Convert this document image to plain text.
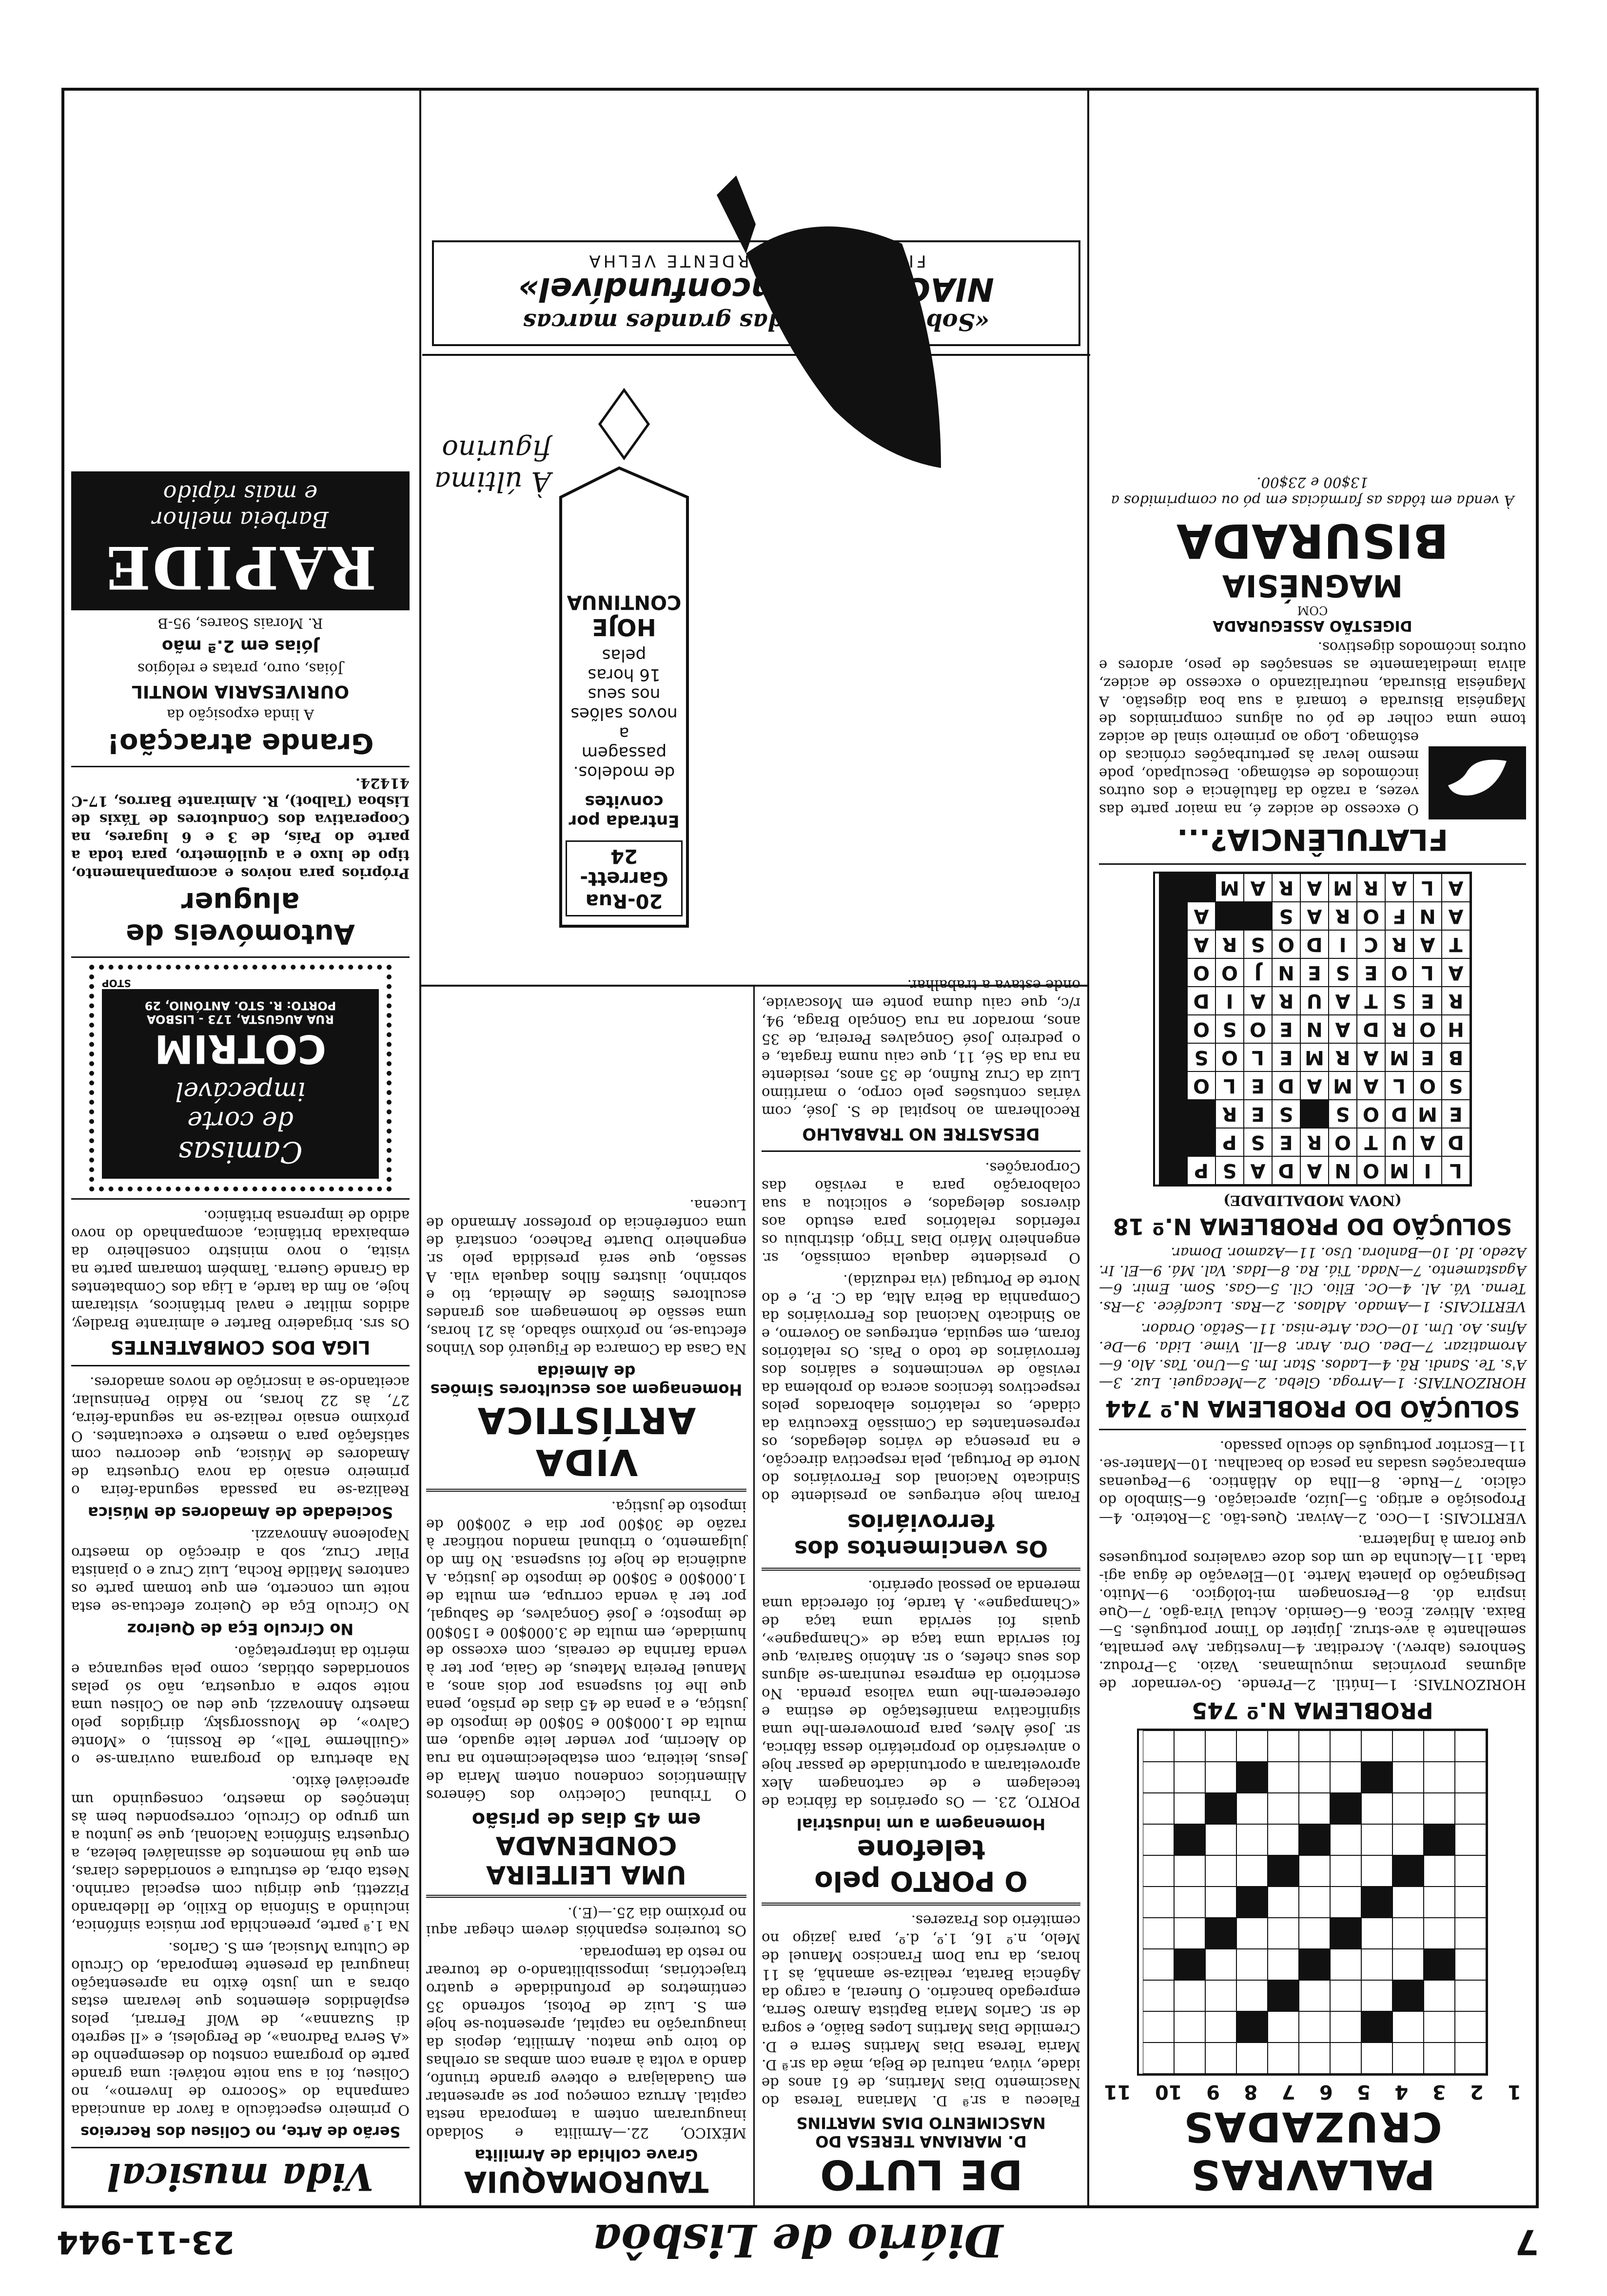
7
Diário de Lisbôa
23-11-944
PALAVRAS CRUZADAS
1
2
3
4
5
6
7
8
9
10
11
PROBLEMA N.º 745

HORIZONTAIS: 1—Inútil. 2—Prende. Go-vernador de algumas províncias muçulmanas. Vazio. 3—Produz. Senhores (abrev.). Acreditar. 4—Investigar. Ave pernalta, semelhante à ave-struz. Júpiter do Timor português. 5—Baixa. Altivez. Écoa. 6—Gemido. Actual Vira-gão. 7—Que inspira dó. 8—Personagem mi-tológico. 9—Muito. Designação do planeta Marte. 10—Elevação de água agi-tada. 11—Alcunha de um dos doze cavaleiros portugueses que foram à Inglaterra.

VERTICAIS: 1—Oco. 2—Avivar. Ques-tão. 3—Roteiro. 4—Proposição e artigo. 5—Juízo, apreciação. 6—Simbolo do cálcio. 7—Rude. 8—Ilha do Atlântico. 9—Pequenas embarcações usadas na pesca do bacalhau. 10—Manter-se. 11—Escritor português do século passado.

SOLUÇÃO DO PROBLEMA N.º 744

HORIZONTAIS: 1—Arroga. Gleba. 2—Mecaguei. Luz. 3—A's. Te. Sandi. Rã. 4—Lados. Star. Im. 5—Uno. Tas. Alo. 6—Aromatizar. 7—Dea. Ora. Arar. 8—Il. Vime. Lida. 9—De. Afins. Ao. Um. 10—Oca. Arte-nisa. 11—Setão. Orador.

VERTICAIS: 1—Amado. Adlaos. 2—Ras. Lucaféce. 3—Rs. Terna. Vá. Al. 4—Oc. Elio. Cil. 5—Gas. Som. Emir. 6—Agastamento. 7—Nada. Tiá. Ra. 8—Idas. Val. Má. 9—El. Ir. Azedo. Id. 10—Banlora. Uso. 11—Azamor. Domar.

SOLUÇÃO DO PROBLEMA N.º 18
(NOVA MODALIDADE)
L
I
M
O
N
A
D
A
S
P
D
A
U
T
O
R
E
S
P
E
M
D
O
S
S
E
R
S
O
L
A
M
A
D
E
L
O
B
E
M
A
R
M
E
L
O
S
H
O
R
D
A
N
E
O
S
O
R
E
S
T
A
U
R
A
I
D
A
L
O
E
S
E
N
J
O
O
T
A
R
C
I
D
O
S
R
A
A
N
F
O
R
A
S
A
A
L
A
R
M
A
R
A
M
FLATULÊNCIA?...

O excesso de acidez é, na maior parte das vezes, a razão da flatulência e dos outros incómodos de estômago. Desculpado, pode mesmo levar às perturbações crónicas do estômago. Logo ao primeiro sinal de acidez tome uma colher de pó ou alguns comprimidos de Magnésia Bisurada e tomará a sua boa digestão. A Magnésia Bisurada, neutralizando o excesso de acidez, alivia imediatamente as sensações de peso, ardores e outros incómodos digestivos.

DIGESTÃO ASSEGURADA
COM
MAGNÉSIA
BISURADA

À venda em tôdas as farmácias em pó ou comprimidos a 13$00 e 23$00.

DE LUTO
D. MARIANA TERESA DO NASCIMENTO DIAS MARTINS

Faleceu a sr.ª D. Mariana Teresa do Nascimento Dias Martins, de 61 anos de idade, viúva, natural de Beja, mãe da sr.ª D. Maria Teresa Dias Martins Serra e D. Cremilde Dias Martins Lopes Baião, e sogra de sr. Carlos Maria Baptista Amaro Serra, empregado bancário. O funeral, a cargo da Agência Barata, realiza-se amanhã, às 11 horas, da rua Dom Francisco Manuel de Melo, n.º 16, 1.º, d.º, para jazigo no cemitério dos Prazeres.

O PORTO pelo telefone
Homenagem a um industrial

PORTO, 23. — Os operários da fábrica de tecelagem e de cartonagem Alex aproveitaram a oportunidade de passar hoje o aniversário do proprietário dessa fábrica, sr. José Alves, para promoverem-lhe uma significativa manifestação de estima e oferecerem-lhe uma valiosa prenda. No escritório da empresa reuniram-se alguns dos seus chefes, o sr. António Saraiva, que foi servida uma taça de «Champagne», quais foi servida uma taça de «Champagne». À tarde, foi oferecida uma merenda ao pessoal operário.

Os vencimentos dos ferroviários

Foram hoje entregues ao presidente do Sindicato Nacional dos Ferroviários do Norte de Portugal, pela respectiva direcção, e na presença de vários delegados, os representantes da Comissão Executiva da cidade, os relatórios elaborados pelos respectivos técnicos acerca do problema da revisão de vencimentos e salários dos ferroviários de todo o País. Os relatórios foram, em seguida, entregues ao Governo, e ao Sindicato Nacional dos Ferroviários da Companhia da Beira Alta, da C. P., e do Norte de Portugal (via reduzida).

O presidente daquela comissão, sr. engenheiro Mário Dias Trigo, distribuiu os referidos relatórios para estudo aos diversos delegados, e solicitou a sua colaboração para a revisão das Corporações.

DESASTRE NO TRABALHO

Recolheram ao hospital de S. José, com várias contusões pelo corpo, o marítimo Luiz da Cruz Rufino, de 35 anos, residente na rua da Sé, 11, que caiu numa fragata, e o pedreiro José Gonçalves Pereira, de 35 anos, morador na rua Gonçalo Braga, 94, r/c, que caiu duma ponte em Moscavide, onde estava a trabalhar.

TAUROMAQUIA
Grave colhida de Armilita

MÉXICO, 22.—Armilita e Soldado inauguraram ontem a temporada nesta capital. Arruza começou por se apresentar em Guadalajara e obteve grande triunfo, dando a volta à arena com ambas as orelhas do toiro que matou. Armilita, depois da inauguração na capital, apresentou-se hoje em S. Luiz de Potosi, sofrendo 35 centímetros de profundidade e quatro trajectórias, impossibilitando-o de tourear no resto da temporada.

Os toureiros espanhóis devem chegar aqui no próximo dia 25.—(E.).

UMA LEITEIRA CONDENADA
em 45 dias de prisão

O Tribunal Colectivo dos Géneros Alimentícios condenou ontem Maria de Jesus, leiteira, com estabelecimento na rua do Alecrim, por vender leite aguado, em multa de 1.000$00 e 50$00 de imposto de justiça, e a pena de 45 dias de prisão, pena que lhe foi suspensa por dois anos, a Manuel Pereira Mateus, de Gaia, por ter à venda farinha de cereais, com excesso de humidade, em multa de 3.000$00 e 150$00 de imposto; e José Gonçalves, de Sabugal, por ter à venda corrupa, em multa de 1.000$00 e 50$00 de imposto de justiça. A audiência de hoje foi suspensa. No fim do julgamento, o tribunal mandou notificar à razão de 30$00 por dia e 200$00 de imposto de justiça.

VIDA ARTÍSTICA
Homenagem aos escultores Simões de Almeida

Na Casa da Comarca de Figueiró dos Vinhos efectua-se, no próximo sábado, às 21 horas, uma sessão de homenagem aos grandes escultores Simões de Almeida, tio e sobrinho, ilustres filhos daquela vila. A sessão, que será presidida pelo sr. engenheiro Duarte Pacheco, constará de uma conferência do professor Armando de Lucena.

20-Rua Garrett-24
Entrada por convites
de modelos.
passagem
a
novos salões
nos seus
16 horas
pelas
HOJE
CONTINUA
À última figurino
Vida musical
Serão de Arte, no Coliseu dos Recreios

O primeiro espectáculo a favor da anunciada campanha do «Socorro de Inverno», no Coliseu, foi a sua noite notável: uma grande parte do programa constou do desempenho de «A Serva Padrona», de Pergolesi, e «Il segreto di Suzanna», de Wolf Ferrari, pelos esplêndidos elementos que levaram estas obras a um justo êxito na apresentação inaugural da presente temporada, do Círculo de Cultura Musical, em S. Carlos.

Na 1.ª parte, preenchida por música sinfónica, incluindo a Sinfonia do Exilio, de Ildebrando Pizzetti, que dirigiu com especial carinho. Nesta obra, de estrutura e sonoridades claras, em que há momentos de assinalável beleza, a Orquestra Sinfónica Nacional, que se juntou a um grupo do Círculo, correspondeu bem às intenções do maestro, conseguindo um apreciável êxito.

Na abertura do programa ouviram-se o «Guilherme Tell», de Rossini, o «Monte Calvo», de Moussorgsky, dirigidos pelo maestro Annovazzi, que deu ao Coliseu uma noite sobre a orquestra, não só pelas sonoridades obtidas, como pela segurança e mérito da interpretação.

No Círculo Eça de Queiroz

No Círculo Eça de Queiroz efectua-se esta noite um concerto, em que tomam parte os cantores Matilde Rocha, Luiz Cruz e o pianista Pilar Cruz, sob a direcção do maestro Napoleone Annovazzi.

Sociedade de Amadores de Música

Realiza-se na passada segunda-feira o primeiro ensaio da nova Orquestra de Amadores de Música, que decorreu com satisfação para o maestro e executantes. O próximo ensaio realiza-se na segunda-feira, 27, às 22 horas, no Rádio Peninsular, aceitando-se a inscrição de novos amadores.

LIGA DOS COMBATENTES

Os srs. brigadeiro Barter e almirante Bradley, adidos militar e naval britânicos, visitaram hoje, ao fim da tarde, a Liga dos Combatentes da Grande Guerra. Também tomaram parte na visita, o novo ministro conselheiro da embaixada britânica, acompanhado do novo adido de imprensa britânico.

Camisas
de corte
impecável
COTRIM
RUA AUGUSTA, 173 - LISBOA
PORTO: R. STO. ANTÓNIO, 29
STOP
Automóveis de aluguer

Próprios para noivos e acompanhamento, tipo de luxo e a quilómetro, para toda a parte do País, de 3 e 6 lugares, na Cooperativa dos Condutores de Táxis de Lisboa (Talbot), R. Almirante Barros, 17-C 41424.

Grande atracção!

A linda exposição da

OURIVESARIA MONTIL

Jóias, ouro, pratas e relógios

Jóias em 2.ª mão

R. Morais Soares, 95-B

RAPIDE
Barbeia melhor
e mais rápido
«Sob o império das grandes marcas
NIAGARA é inconfundível»
FINISSIMA AGUARDENTE VELHA
